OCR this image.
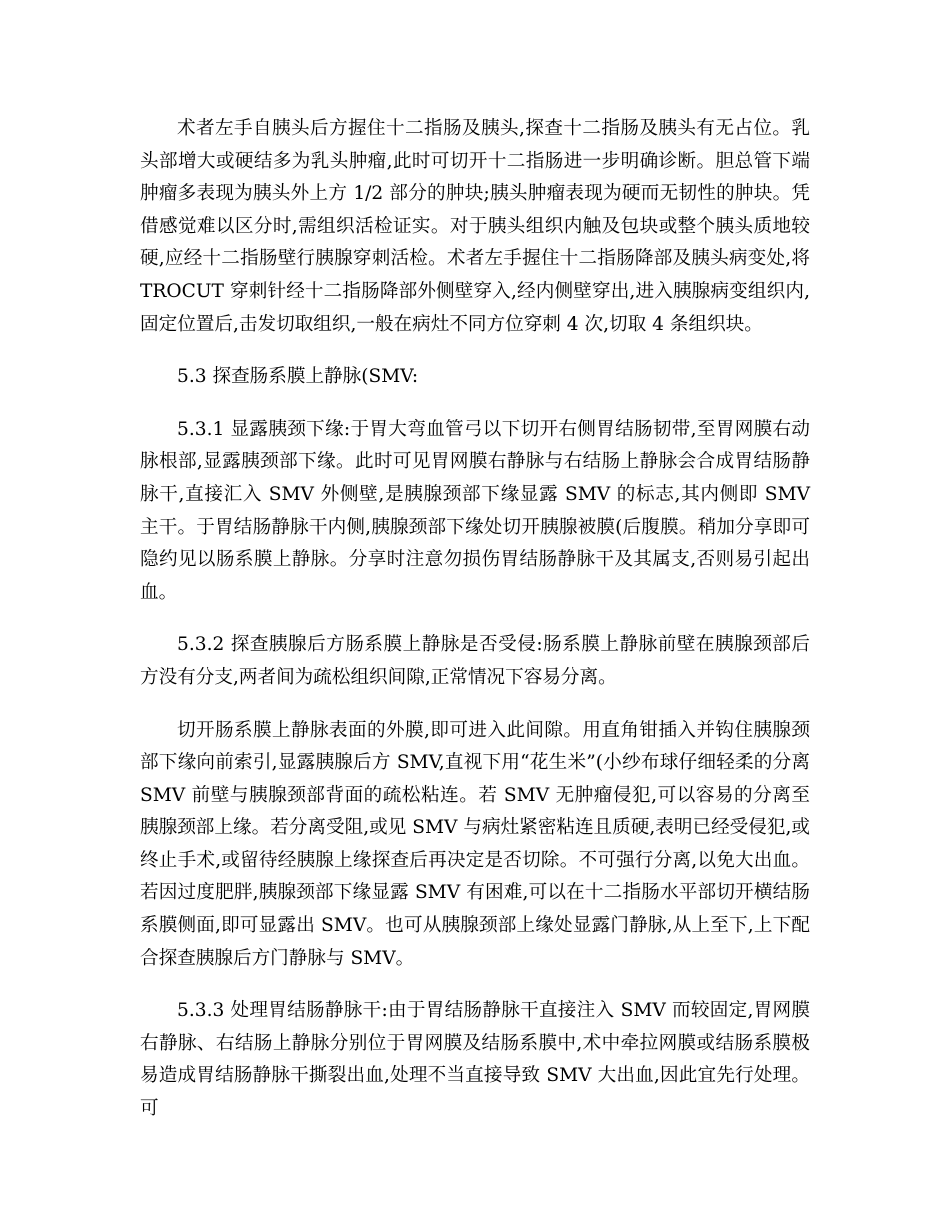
术者左手自胰头后方握住十二指肠及胰头,探查十二指肠及胰头有无占位。乳头部增大或硬结多为乳头肿瘤,此时可切开十二指肠进一步明确诊断。胆总管下端肿瘤多表现为胰头外上方 1/2 部分的肿块;胰头肿瘤表现为硬而无韧性的肿块。凭借感觉难以区分时,需组织活检证实。对于胰头组织内触及包块或整个胰头质地较硬,应经十二指肠壁行胰腺穿刺活检。术者左手握住十二指肠降部及胰头病变处,将 TROCUT 穿刺针经十二指肠降部外侧壁穿入,经内侧壁穿出,进入胰腺病变组织内,固定位置后,击发切取组织,一般在病灶不同方位穿刺 4 次,切取 4 条组织块。

5.3 探查肠系膜上静脉(SMV:

5.3.1 显露胰颈下缘:于胃大弯血管弓以下切开右侧胃结肠韧带,至胃网膜右动脉根部,显露胰颈部下缘。此时可见胃网膜右静脉与右结肠上静脉会合成胃结肠静脉干,直接汇入 SMV 外侧壁,是胰腺颈部下缘显露 SMV 的标志,其内侧即 SMV 主干。于胃结肠静脉干内侧,胰腺颈部下缘处切开胰腺被膜(后腹膜。稍加分享即可隐约见以肠系膜上静脉。分享时注意勿损伤胃结肠静脉干及其属支,否则易引起出血。

5.3.2 探查胰腺后方肠系膜上静脉是否受侵:肠系膜上静脉前壁在胰腺颈部后方没有分支,两者间为疏松组织间隙,正常情况下容易分离。

切开肠系膜上静脉表面的外膜,即可进入此间隙。用直角钳插入并钩住胰腺颈部下缘向前索引,显露胰腺后方 SMV,直视下用“花生米”(小纱布球仔细轻柔的分离 SMV 前壁与胰腺颈部背面的疏松粘连。若 SMV 无肿瘤侵犯,可以容易的分离至胰腺颈部上缘。若分离受阻,或见 SMV 与病灶紧密粘连且质硬,表明已经受侵犯,或终止手术,或留待经胰腺上缘探查后再决定是否切除。不可强行分离,以免大出血。若因过度肥胖,胰腺颈部下缘显露 SMV 有困难,可以在十二指肠水平部切开横结肠系膜侧面,即可显露出 SMV。也可从胰腺颈部上缘处显露门静脉,从上至下,上下配合探查胰腺后方门静脉与 SMV。

5.3.3 处理胃结肠静脉干:由于胃结肠静脉干直接注入 SMV 而较固定,胃网膜右静脉、右结肠上静脉分别位于胃网膜及结肠系膜中,术中牵拉网膜或结肠系膜极易造成胃结肠静脉干撕裂出血,处理不当直接导致 SMV 大出血,因此宜先行处理。可
